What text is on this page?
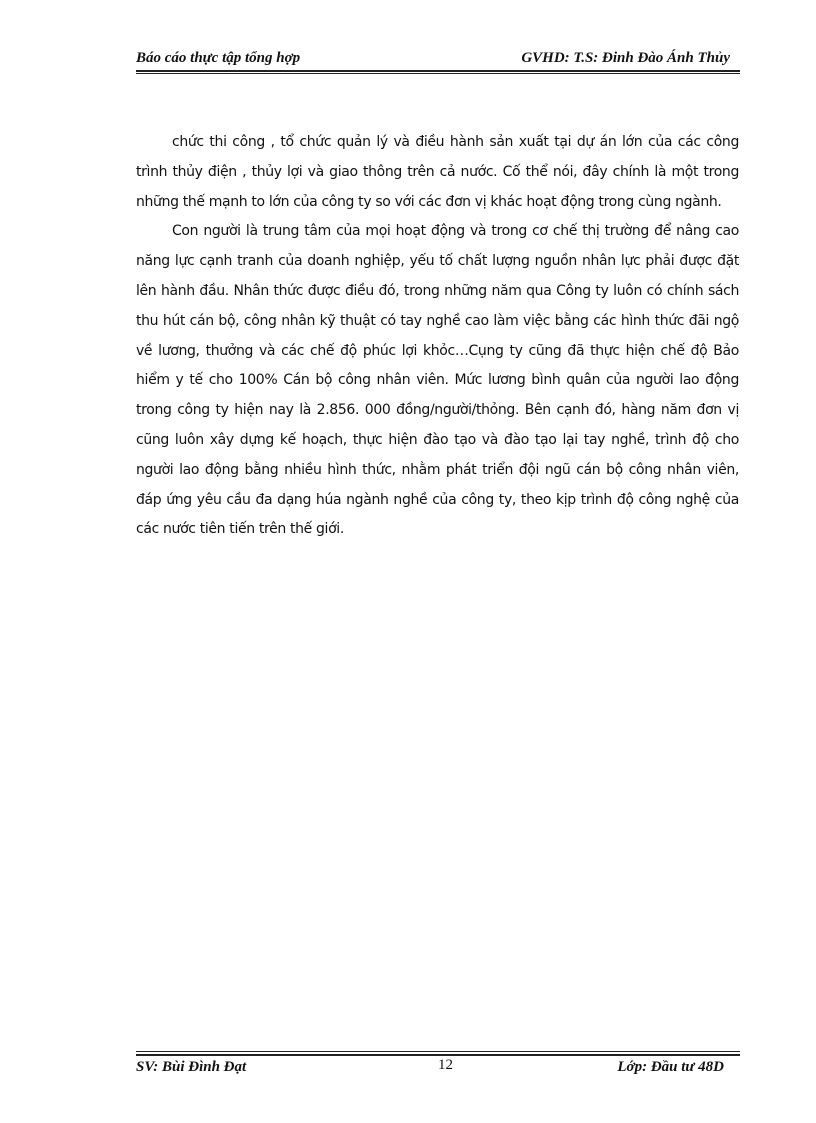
Báo cáo thực tập tổng hợp	GVHD: T.S: Đinh Đào Ánh Thủy

chức thi công , tổ chức quản lý và điều hành sản xuất tại dự án lớn của các công trình thủy điện , thủy lợi và giao thông trên cả nước. Cố thể nói, đây chính là một trong những thế mạnh to lớn của công ty so với các đơn vị khác hoạt động trong cùng ngành.

Con người là trung tâm của mọi hoạt động và trong cơ chế thị trường để nâng cao năng lực cạnh tranh của doanh nghiệp, yếu tố chất lượng nguồn nhân lực phải được đặt lên hành đầu. Nhân thức được điều đó, trong những năm qua Công ty luôn có chính sách thu hút cán bộ, công nhân kỹ thuật có tay nghề cao làm việc bằng các hình thức đãi ngộ về lương, thưởng và các chế độ phúc lợi khỏc…Cụng ty cũng đã thực hiện chế độ Bảo hiểm y tế cho 100% Cán bộ công nhân viên. Mức lương bình quân của người lao động trong công ty hiện nay là 2.856. 000 đồng/người/thỏng. Bên cạnh đó, hàng năm đơn vị cũng luôn xây dựng kế hoạch, thực hiện đào tạo và đào tạo lại tay nghề, trình độ cho người lao động bằng nhiều hình thức, nhằm phát triển đội ngũ cán bộ công nhân viên, đáp ứng yêu cầu đa dạng húa ngành nghề của công ty, theo kịp trình độ công nghệ của các nước tiên tiến trên thế giới.

SV: Bùi Đình Đạt	12	Lớp: Đầu tư 48D
